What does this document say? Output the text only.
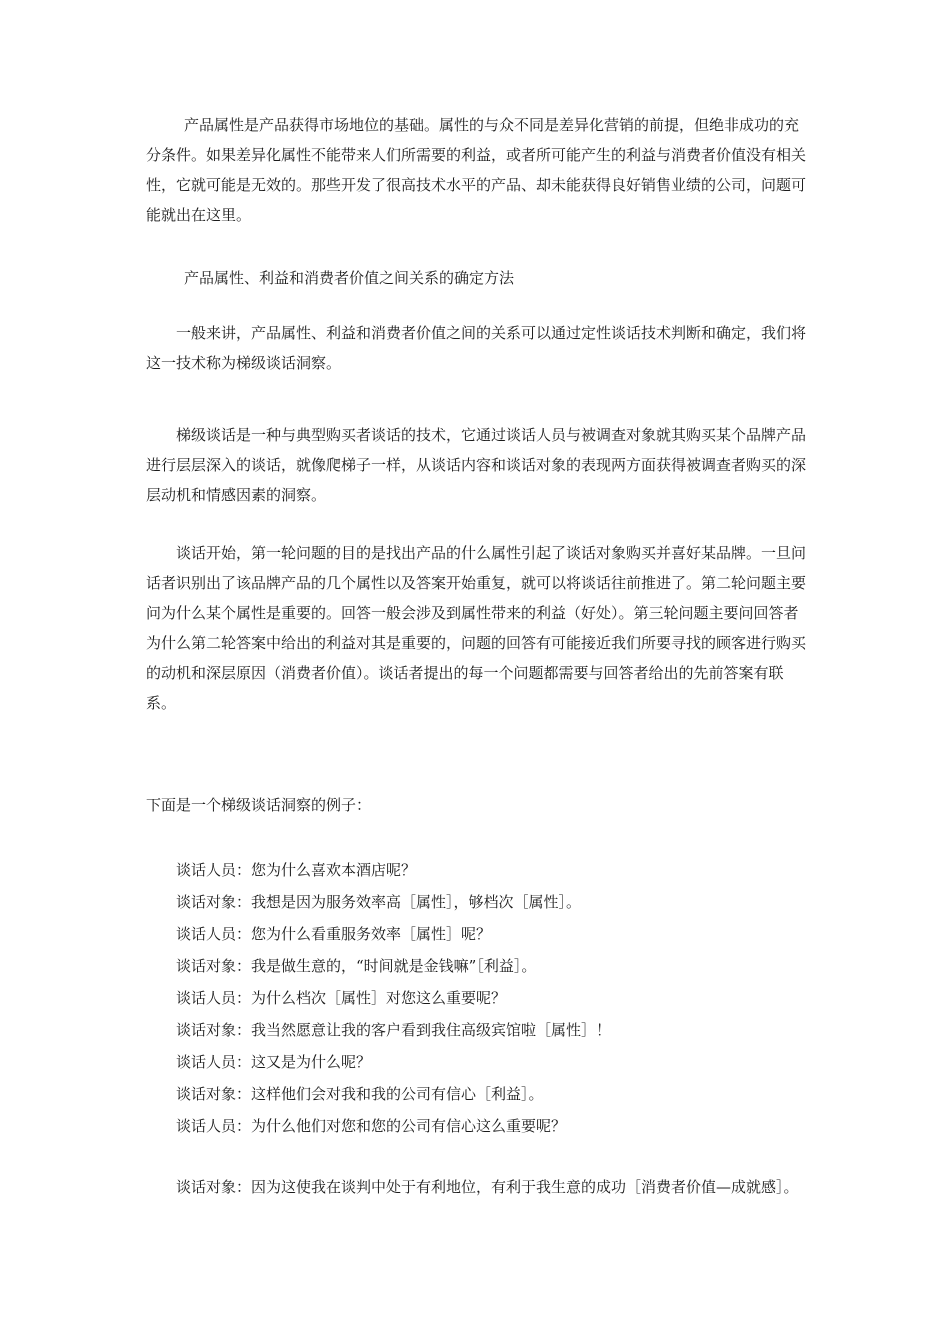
产品属性是产品获得市场地位的基础。属性的与众不同是差异化营销的前提，但绝非成功的充分条件。如果差异化属性不能带来人们所需要的利益，或者所可能产生的利益与消费者价值没有相关性，它就可能是无效的。那些开发了很高技术水平的产品、却未能获得良好销售业绩的公司，问题可能就出在这里。

产品属性、利益和消费者价值之间关系的确定方法

一般来讲，产品属性、利益和消费者价值之间的关系可以通过定性谈话技术判断和确定，我们将这一技术称为梯级谈话洞察。

梯级谈话是一种与典型购买者谈话的技术，它通过谈话人员与被调查对象就其购买某个品牌产品进行层层深入的谈话，就像爬梯子一样，从谈话内容和谈话对象的表现两方面获得被调查者购买的深层动机和情感因素的洞察。

谈话开始，第一轮问题的目的是找出产品的什么属性引起了谈话对象购买并喜好某品牌。一旦问话者识别出了该品牌产品的几个属性以及答案开始重复，就可以将谈话往前推进了。第二轮问题主要问为什么某个属性是重要的。回答一般会涉及到属性带来的利益（好处）。第三轮问题主要问回答者为什么第二轮答案中给出的利益对其是重要的，问题的回答有可能接近我们所要寻找的顾客进行购买的动机和深层原因（消费者价值）。谈话者提出的每一个问题都需要与回答者给出的先前答案有联系。

下面是一个梯级谈话洞察的例子：

谈话人员：您为什么喜欢本酒店呢？
谈话对象：我想是因为服务效率高［属性］，够档次［属性］。
谈话人员：您为什么看重服务效率［属性］呢？
谈话对象：我是做生意的，“时间就是金钱嘛”［利益］。
谈话人员：为什么档次［属性］对您这么重要呢？
谈话对象：我当然愿意让我的客户看到我住高级宾馆啦［属性］！
谈话人员：这又是为什么呢？
谈话对象：这样他们会对我和我的公司有信心［利益］。
谈话人员：为什么他们对您和您的公司有信心这么重要呢？

谈话对象：因为这使我在谈判中处于有利地位，有利于我生意的成功［消费者价值—成就感］。
